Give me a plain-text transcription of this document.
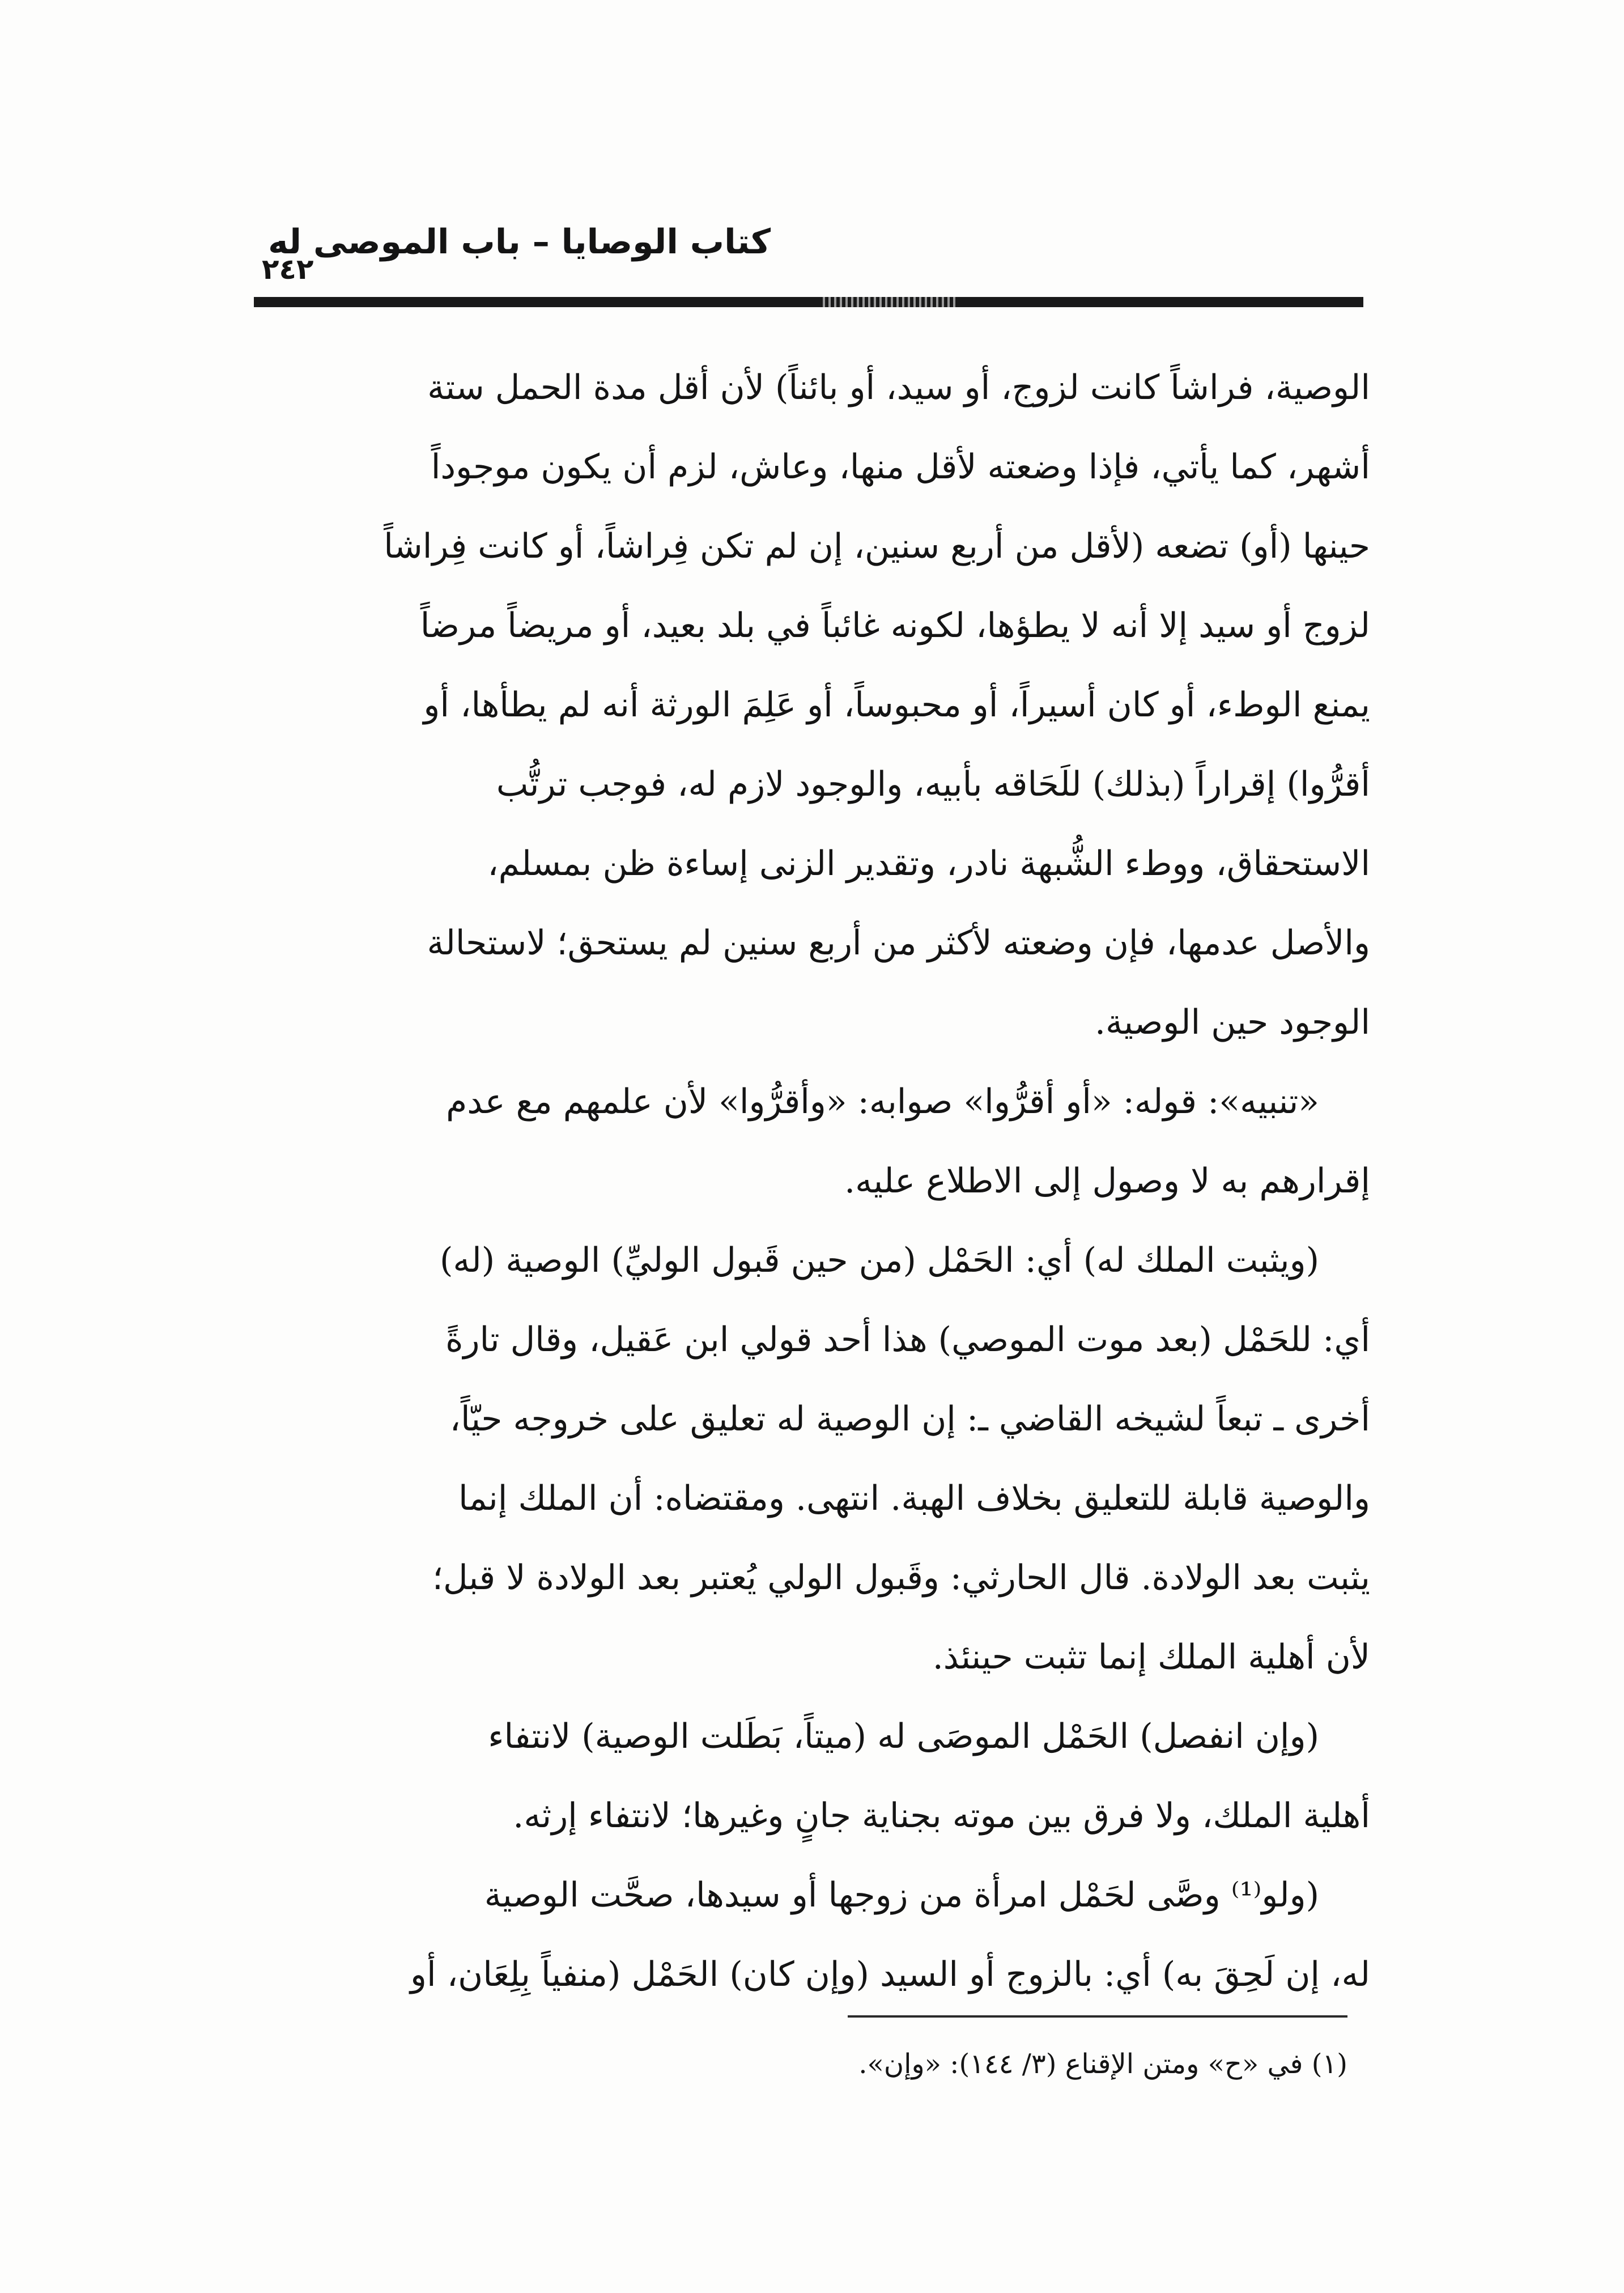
كتاب الوصايا – باب الموصى له
٢٤٢
الوصية، فراشاً كانت لزوج، أو سيد، أو بائناً) لأن أقل مدة الحمل ستة
أشهر، كما يأتي، فإذا وضعته لأقل منها، وعاش، لزم أن يكون موجوداً
حينها (أو) تضعه (لأقل من أربع سنين، إن لم تكن فِراشاً، أو كانت فِراشاً
لزوج أو سيد إلا أنه لا يطؤها، لكونه غائباً في بلد بعيد، أو مريضاً مرضاً
يمنع الوطء، أو كان أسيراً، أو محبوساً، أو عَلِمَ الورثة أنه لم يطأها، أو
أقرُّوا) إقراراً (بذلك) للَحَاقه بأبيه، والوجود لازم له، فوجب ترتُّب
الاستحقاق، ووطء الشُّبهة نادر، وتقدير الزنى إساءة ظن بمسلم،
والأصل عدمها، فإن وضعته لأكثر من أربع سنين لم يستحق؛ لاستحالة
الوجود حين الوصية.
«تنبيه»: قوله: «أو أقرُّوا» صوابه: «وأقرُّوا» لأن علمهم مع عدم
إقرارهم به لا وصول إلى الاطلاع عليه.
(ويثبت الملك له) أي: الحَمْل (من حين قَبول الوليِّ) الوصية (له)
أي: للحَمْل (بعد موت الموصي) هذا أحد قولي ابن عَقيل، وقال تارةً
أخرى ـ تبعاً لشيخه القاضي ـ: إن الوصية له تعليق على خروجه حيّاً،
والوصية قابلة للتعليق بخلاف الهبة. انتهى. ومقتضاه: أن الملك إنما
يثبت بعد الولادة. قال الحارثي: وقَبول الولي يُعتبر بعد الولادة لا قبل؛
لأن أهلية الملك إنما تثبت حينئذ.
(وإن انفصل) الحَمْل الموصَى له (ميتاً، بَطَلت الوصية) لانتفاء
أهلية الملك، ولا فرق بين موته بجناية جانٍ وغيرها؛ لانتفاء إرثه.
(ولو⁽¹⁾ وصَّى لحَمْل امرأة من زوجها أو سيدها، صحَّت الوصية
له، إن لَحِقَ به) أي: بالزوج أو السيد (وإن كان) الحَمْل (منفياً بِلِعَان، أو
(١) في «ح» ومتن الإقناع (٣/ ١٤٤): «وإن».
